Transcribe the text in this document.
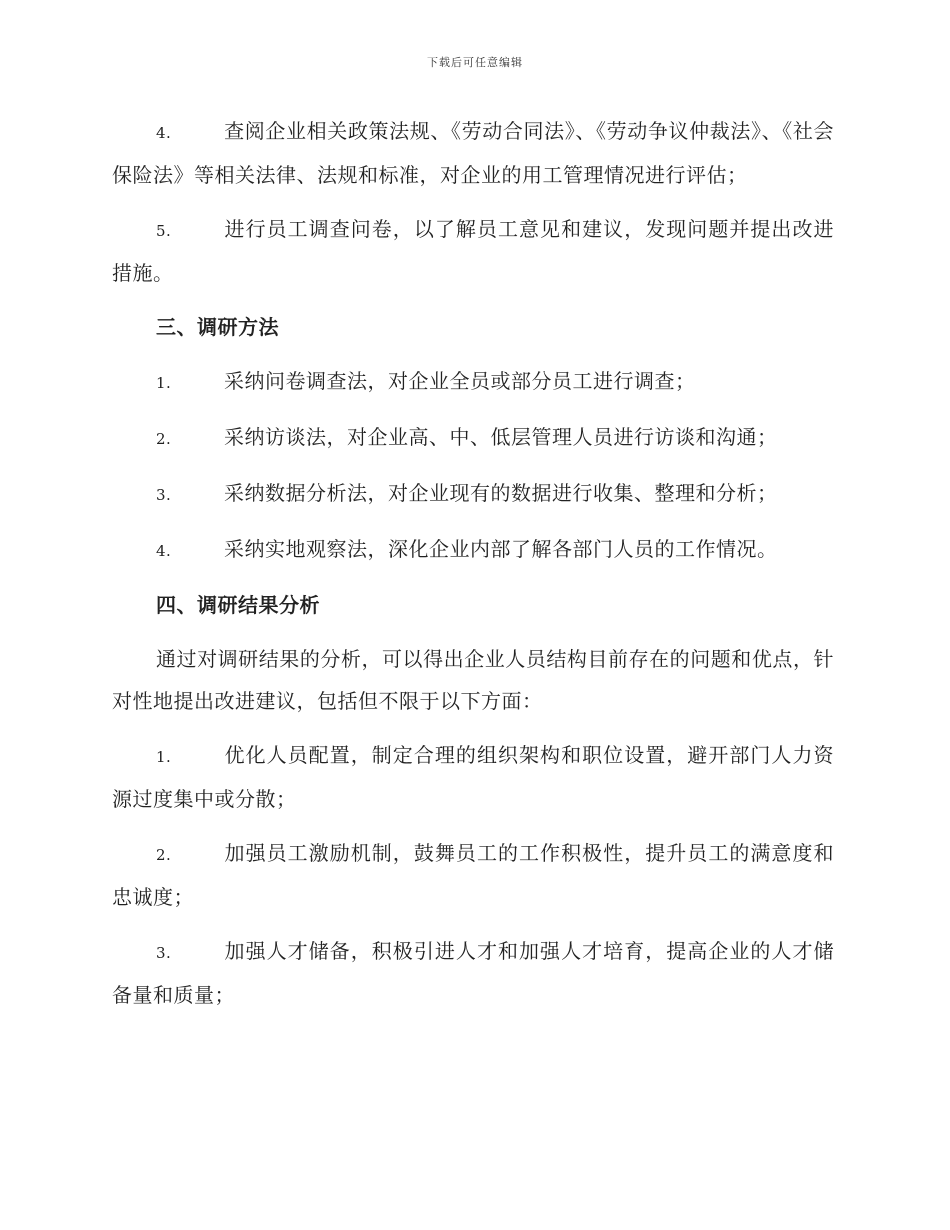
下载后可任意编辑

4.	查阅企业相关政策法规、《劳动合同法》、《劳动争议仲裁法》、《社会保险法》等相关法律、法规和标准，对企业的用工管理情况进行评估；

5.	进行员工调查问卷，以了解员工意见和建议，发现问题并提出改进措施。

三、调研方法

1.	采纳问卷调查法，对企业全员或部分员工进行调查；

2.	采纳访谈法，对企业高、中、低层管理人员进行访谈和沟通；

3.	采纳数据分析法，对企业现有的数据进行收集、整理和分析；

4.	采纳实地观察法，深化企业内部了解各部门人员的工作情况。

四、调研结果分析

通过对调研结果的分析，可以得出企业人员结构目前存在的问题和优点，针对性地提出改进建议，包括但不限于以下方面：

1.	优化人员配置，制定合理的组织架构和职位设置，避开部门人力资源过度集中或分散；

2.	加强员工激励机制，鼓舞员工的工作积极性，提升员工的满意度和忠诚度；

3.	加强人才储备，积极引进人才和加强人才培育，提高企业的人才储备量和质量；
